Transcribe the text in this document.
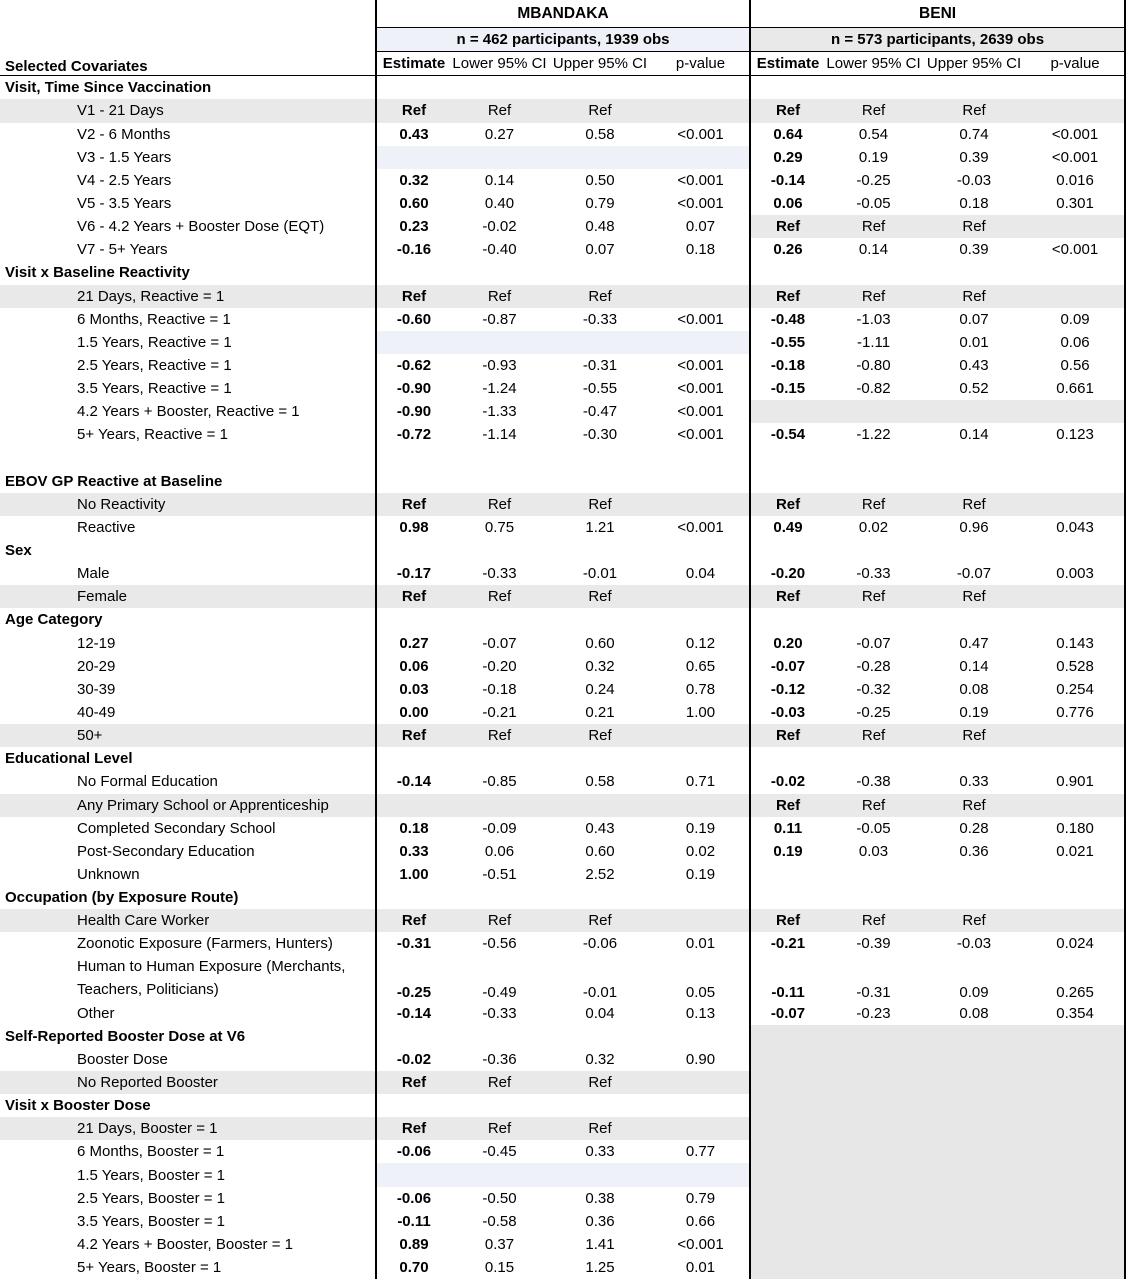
	MBANDAKA				BENI			
	n = 462 participants, 1939 obs				n = 573 participants, 2639 obs			
Selected Covariates	Estimate	Lower 95% CI	Upper 95% CI	p-value	Estimate	Lower 95% CI	Upper 95% CI	p-value
Visit, Time Since Vaccination								
V1 - 21 Days	Ref	Ref	Ref		Ref	Ref	Ref	
V2 - 6 Months	0.43	0.27	0.58	<0.001	0.64	0.54	0.74	<0.001
V3 - 1.5 Years					0.29	0.19	0.39	<0.001
V4 - 2.5 Years	0.32	0.14	0.50	<0.001	-0.14	-0.25	-0.03	0.016
V5 - 3.5 Years	0.60	0.40	0.79	<0.001	0.06	-0.05	0.18	0.301
V6 - 4.2 Years + Booster Dose (EQT)	0.23	-0.02	0.48	0.07	Ref	Ref	Ref	
V7 - 5+ Years	-0.16	-0.40	0.07	0.18	0.26	0.14	0.39	<0.001
Visit x Baseline Reactivity								
21 Days, Reactive = 1	Ref	Ref	Ref		Ref	Ref	Ref	
6 Months, Reactive = 1	-0.60	-0.87	-0.33	<0.001	-0.48	-1.03	0.07	0.09
1.5 Years, Reactive = 1					-0.55	-1.11	0.01	0.06
2.5 Years, Reactive = 1	-0.62	-0.93	-0.31	<0.001	-0.18	-0.80	0.43	0.56
3.5 Years, Reactive = 1	-0.90	-1.24	-0.55	<0.001	-0.15	-0.82	0.52	0.661
4.2 Years + Booster, Reactive = 1	-0.90	-1.33	-0.47	<0.001				
5+ Years, Reactive = 1	-0.72	-1.14	-0.30	<0.001	-0.54	-1.22	0.14	0.123

EBOV GP Reactive at Baseline								
No Reactivity	Ref	Ref	Ref		Ref	Ref	Ref	
Reactive	0.98	0.75	1.21	<0.001	0.49	0.02	0.96	0.043
Sex								
Male	-0.17	-0.33	-0.01	0.04	-0.20	-0.33	-0.07	0.003
Female	Ref	Ref	Ref		Ref	Ref	Ref	
Age Category								
12-19	0.27	-0.07	0.60	0.12	0.20	-0.07	0.47	0.143
20-29	0.06	-0.20	0.32	0.65	-0.07	-0.28	0.14	0.528
30-39	0.03	-0.18	0.24	0.78	-0.12	-0.32	0.08	0.254
40-49	0.00	-0.21	0.21	1.00	-0.03	-0.25	0.19	0.776
50+	Ref	Ref	Ref		Ref	Ref	Ref	
Educational Level								
No Formal Education	-0.14	-0.85	0.58	0.71	-0.02	-0.38	0.33	0.901
Any Primary School or Apprenticeship					Ref	Ref	Ref	
Completed Secondary School	0.18	-0.09	0.43	0.19	0.11	-0.05	0.28	0.180
Post-Secondary Education	0.33	0.06	0.60	0.02	0.19	0.03	0.36	0.021
Unknown	1.00	-0.51	2.52	0.19				
Occupation (by Exposure Route)								
Health Care Worker	Ref	Ref	Ref		Ref	Ref	Ref	
Zoonotic Exposure (Farmers, Hunters)	-0.31	-0.56	-0.06	0.01	-0.21	-0.39	-0.03	0.024
Human to Human Exposure (Merchants, Teachers, Politicians)	-0.25	-0.49	-0.01	0.05	-0.11	-0.31	0.09	0.265
Other	-0.14	-0.33	0.04	0.13	-0.07	-0.23	0.08	0.354
Self-Reported Booster Dose at V6								
Booster Dose	-0.02	-0.36	0.32	0.90				
No Reported Booster	Ref	Ref	Ref					
Visit x Booster Dose								
21 Days, Booster = 1	Ref	Ref	Ref					
6 Months, Booster = 1	-0.06	-0.45	0.33	0.77				
1.5 Years, Booster = 1								
2.5 Years, Booster = 1	-0.06	-0.50	0.38	0.79				
3.5 Years, Booster = 1	-0.11	-0.58	0.36	0.66				
4.2 Years + Booster, Booster = 1	0.89	0.37	1.41	<0.001				
5+ Years, Booster = 1	0.70	0.15	1.25	0.01				
